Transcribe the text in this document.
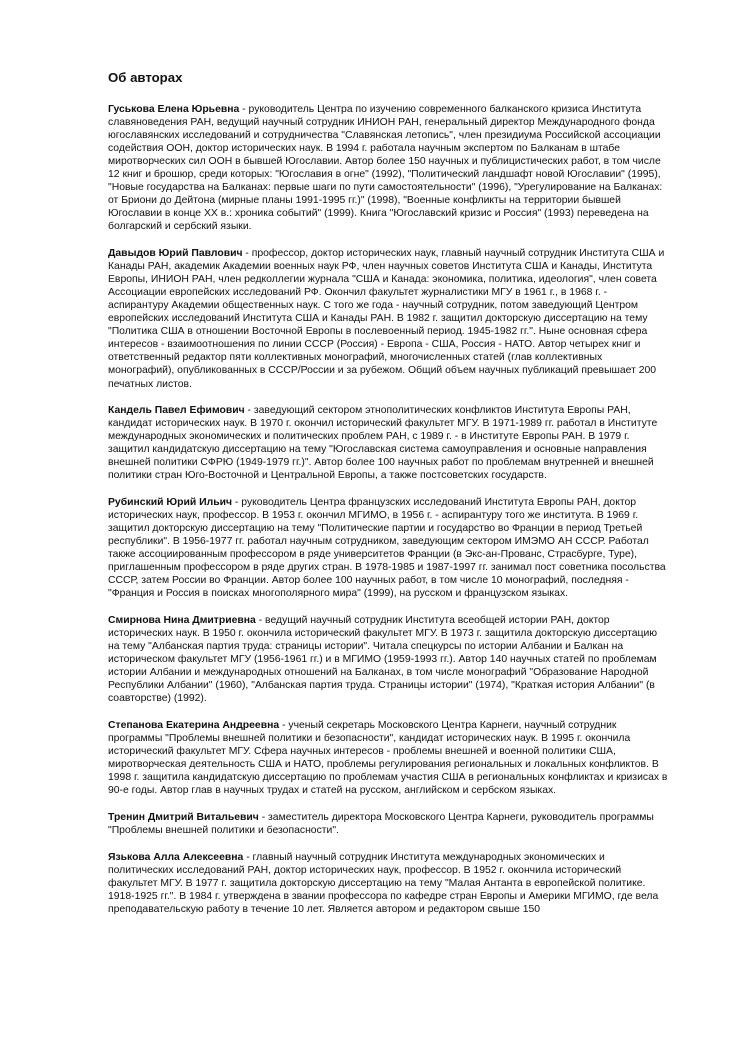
Об авторах

Гуськова Елена Юрьевна - руководитель Центра по изучению современного балканского кризиса Института славяноведения РАН, ведущий научный сотрудник ИНИОН РАН, генеральный директор Международного фонда югославянских исследований и сотрудничества "Славянская летопись", член президиума Российской ассоциации содействия ООН, доктор исторических наук. В 1994 г. работала научным экспертом по Балканам в штабе миротворческих сил ООН в бывшей Югославии. Автор более 150 научных и публицистических работ, в том числе 12 книг и брошюр, среди которых: "Югославия в огне" (1992), "Политический ландшафт новой Югославии" (1995), "Новые государства на Балканах: первые шаги по пути самостоятельности" (1996), "Урегулирование на Балканах: от Бриони до Дейтона (мирные планы 1991-1995 гг.)" (1998), "Военные конфликты на территории бывшей Югославии в конце XX в.: хроника событий" (1999). Книга "Югославский кризис и Россия" (1993) переведена на болгарский и сербский языки.

Давыдов Юрий Павлович - профессор, доктор исторических наук, главный научный сотрудник Института США и Канады РАН, академик Академии военных наук РФ, член научных советов Института США и Канады, Института Европы, ИНИОН РАН, член редколлегии журнала "США и Канада: экономика, политика, идеология", член совета Ассоциации европейских исследований РФ. Окончил факультет журналистики МГУ в 1961 г., в 1968 г. - аспирантуру Академии общественных наук. С того же года - научный сотрудник, потом заведующий Центром европейских исследований Института США и Канады РАН. В 1982 г. защитил докторскую диссертацию на тему "Политика США в отношении Восточной Европы в послевоенный период. 1945-1982 гг.". Ныне основная сфера интересов - взаимоотношения по линии СССР (Россия) - Европа - США, Россия - НАТО. Автор четырех книг и ответственный редактор пяти коллективных монографий, многочисленных статей (глав коллективных монографий), опубликованных в СССР/России и за рубежом. Общий объем научных публикаций превышает 200 печатных листов.

Кандель Павел Ефимович - заведующий сектором этнополитических конфликтов Института Европы РАН, кандидат исторических наук. В 1970 г. окончил исторический факультет МГУ. В 1971-1989 гг. работал в Институте международных экономических и политических проблем РАН, с 1989 г. - в Институте Европы РАН. В 1979 г. защитил кандидатскую диссертацию на тему "Югославская система самоуправления и основные направления внешней политики СФРЮ (1949-1979 гг.)". Автор более 100 научных работ по проблемам внутренней и внешней политики стран Юго-Восточной и Центральной Европы, а также постсоветских государств.

Рубинский Юрий Ильич - руководитель Центра французских исследований Института Европы РАН, доктор исторических наук, профессор. В 1953 г. окончил МГИМО, в 1956 г. - аспирантуру того же института. В 1969 г. защитил докторскую диссертацию на тему "Политические партии и государство во Франции в период Третьей республики". В 1956-1977 гг. работал научным сотрудником, заведующим сектором ИМЭМО АН СССР. Работал также ассоциированным профессором в ряде университетов Франции (в Экс-ан-Прованс, Страсбурге, Туре), приглашенным профессором в ряде других стран. В 1978-1985 и 1987-1997 гг. занимал пост советника посольства СССР, затем России во Франции. Автор более 100 научных работ, в том числе 10 монографий, последняя - "Франция и Россия в поисках многополярного мира" (1999), на русском и французском языках.

Смирнова Нина Дмитриевна - ведущий научный сотрудник Института всеобщей истории РАН, доктор исторических наук. В 1950 г. окончила исторический факультет МГУ. В 1973 г. защитила докторскую диссертацию на тему "Албанская партия труда: страницы истории". Читала спецкурсы по истории Албании и Балкан на историческом факультет МГУ (1956-1961 гг.) и в МГИМО (1959-1993 гг.). Автор 140 научных статей по проблемам истории Албании и международных отношений на Балканах, в том числе монографий "Образование Народной Республики Албании" (1960), "Албанская партия труда. Страницы истории" (1974), "Краткая история Албании" (в соавторстве) (1992).

Степанова Екатерина Андреевна - ученый секретарь Московского Центра Карнеги, научный сотрудник программы "Проблемы внешней политики и безопасности", кандидат исторических наук. В 1995 г. окончила исторический факультет МГУ. Сфера научных интересов - проблемы внешней и военной политики США, миротворческая деятельность США и НАТО, проблемы регулирования региональных и локальных конфликтов. В 1998 г. защитила кандидатскую диссертацию по проблемам участия США в региональных конфликтах и кризисах в 90-е годы. Автор глав в научных трудах и статей на русском, английском и сербском языках.

Тренин Дмитрий Витальевич - заместитель директора Московского Центра Карнеги, руководитель программы "Проблемы внешней политики и безопасности".

Язькова Алла Алексеевна - главный научный сотрудник Института международных экономических и политических исследований РАН, доктор исторических наук, профессор. В 1952 г. окончила исторический факультет МГУ. В 1977 г. защитила докторскую диссертацию на тему "Малая Антанта в европейской политике. 1918-1925 гг.". В 1984 г. утверждена в звании профессора по кафедре стран Европы и Америки МГИМО, где вела преподавательскую работу в течение 10 лет. Является автором и редактором свыше 150
